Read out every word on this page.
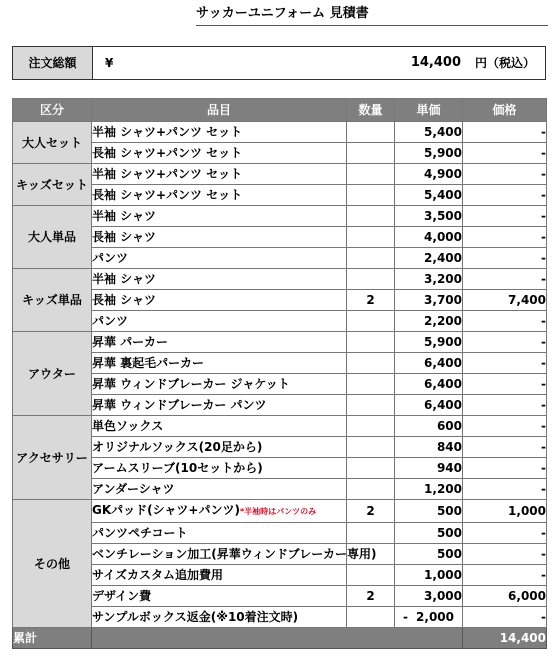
サッカーユニフォーム 見積書
注文総額	¥	14,400 円（税込）
区分	品目	数量	単価	価格
大人セット	半袖 シャツ+パンツ セット		5,400	-
	長袖 シャツ+パンツ セット		5,900	-
キッズセット	半袖 シャツ+パンツ セット		4,900	-
	長袖 シャツ+パンツ セット		5,400	-
大人単品	半袖 シャツ		3,500	-
	長袖 シャツ		4,000	-
	パンツ		2,400	-
キッズ単品	半袖 シャツ		3,200	-
	長袖 シャツ	2	3,700	7,400
	パンツ		2,200	-
アウター	昇華 パーカー		5,900	-
	昇華 裏起毛パーカー		6,400	-
	昇華 ウィンドブレーカー ジャケット		6,400	-
	昇華 ウィンドブレーカー パンツ		6,400	-
アクセサリー	単色ソックス		600	-
	オリジナルソックス(20足から)		840	-
	アームスリーブ(10セットから)		940	-
	アンダーシャツ		1,200	-
その他	GKパッド(シャツ+パンツ)*半袖時はパンツのみ	2	500	1,000
	パンツペチコート		500	-
	ベンチレーション加工(昇華ウィンドブレーカー専用)		500	-
	サイズカスタム追加費用		1,000	-
	デザイン費	2	3,000	6,000
	サンプルボックス返金(※10着注文時)		- 2,000	-
累計				14,400
